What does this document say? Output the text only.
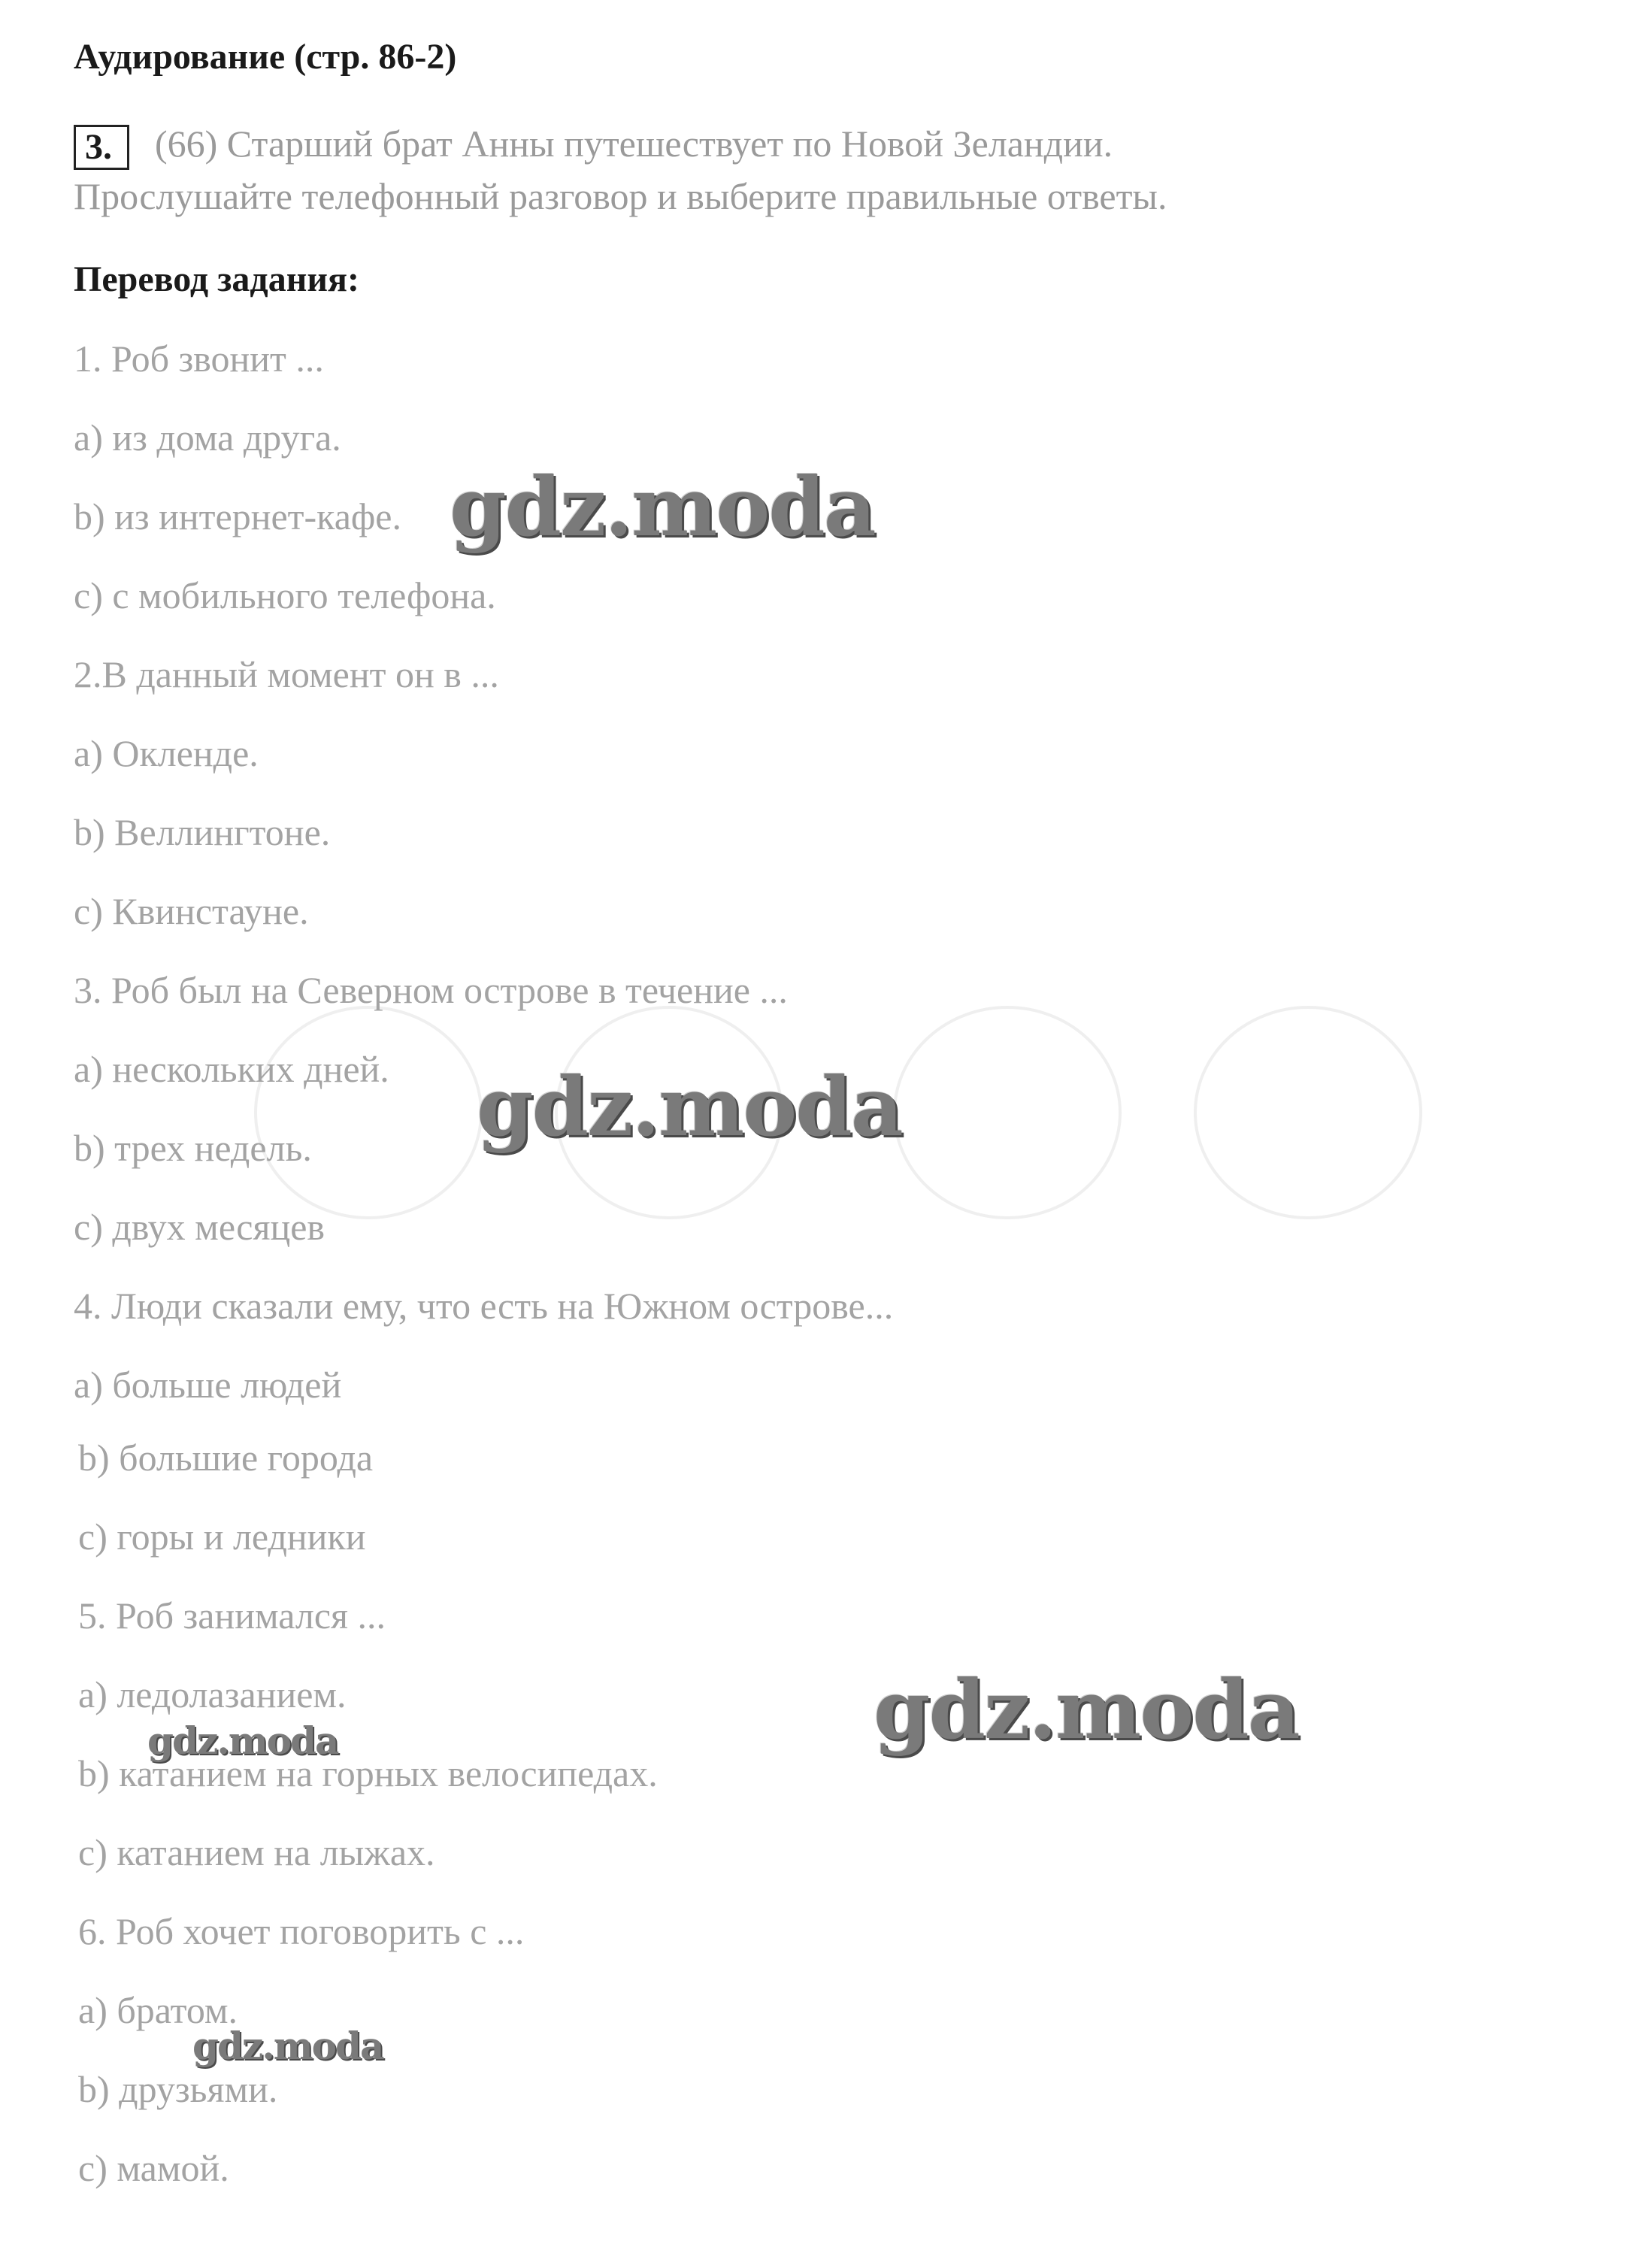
Аудирование (стр. 86-2)
3.	(66) Старший брат Анны путешествует по Новой Зеландии.
Прослушайте телефонный разговор и выберите правильные ответы.
Перевод задания:
1. Роб звонит ...
a) из дома друга.
b) из интернет-кафе.
c) с мобильного телефона.
2.В данный момент он в ...
a) Окленде.
b) Веллингтоне.
c) Квинстауне.
3. Роб был на Северном острове в течение ...
a) нескольких дней.
b) трех недель.
c) двух месяцев
4. Люди сказали ему, что есть на Южном острове...
a) больше людей
b) большие города
c) горы и ледники
5. Роб занимался ...
a) ледолазанием.
b) катанием на горных велосипедах.
c) катанием на лыжах.
6. Роб хочет поговорить с ...
a) братом.
b) друзьями.
c) мамой.
gdz.moda
gdz.moda
gdz.moda
gdz.moda
gdz.moda
